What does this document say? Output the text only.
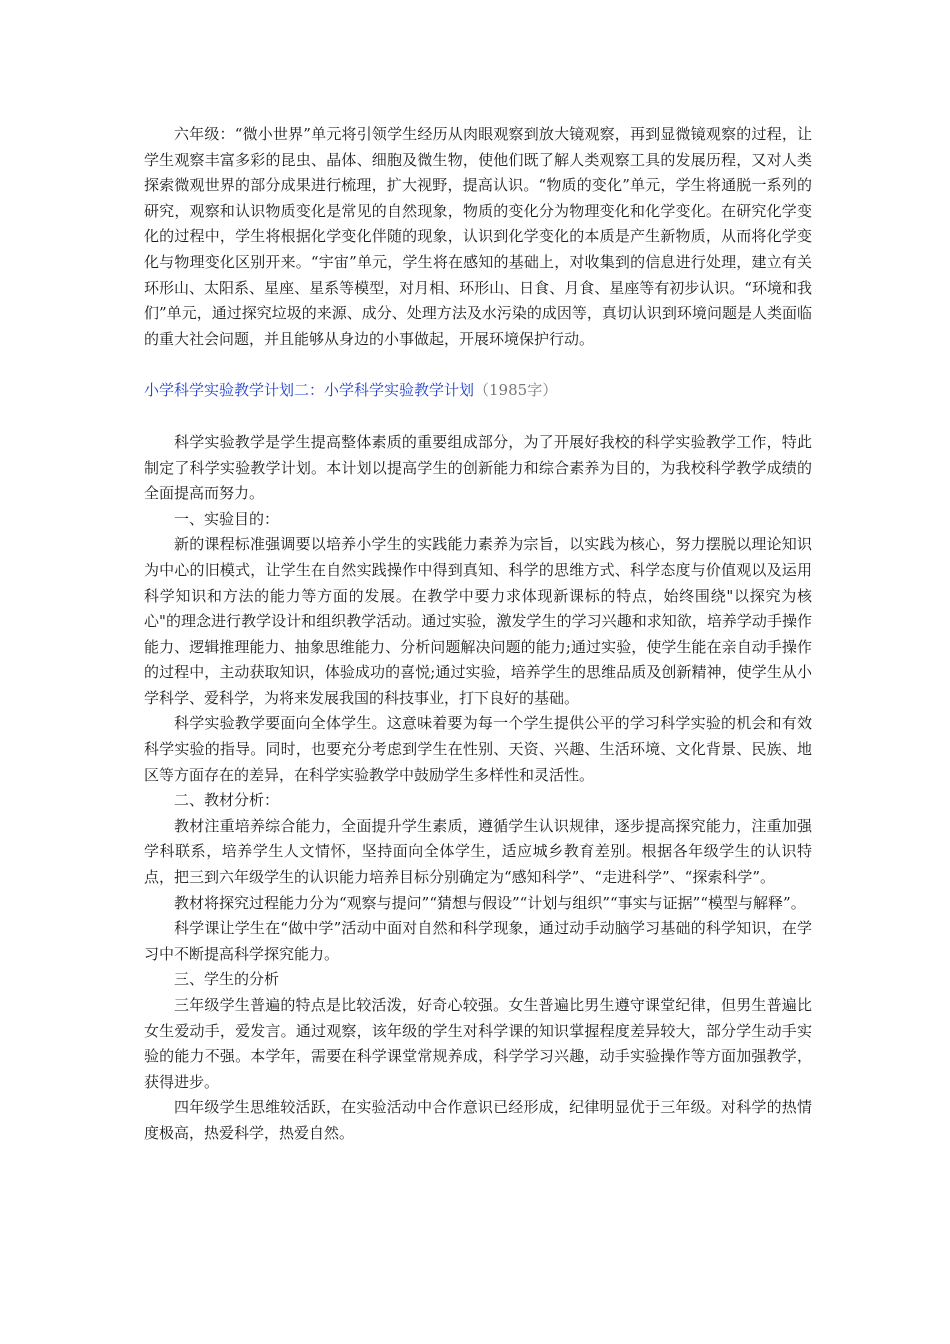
六年级：“微小世界”单元将引领学生经历从肉眼观察到放大镜观察，再到显微镜观察的过程，让学生观察丰富多彩的昆虫、晶体、细胞及微生物，使他们既了解人类观察工具的发展历程，又对人类探索微观世界的部分成果进行梳理，扩大视野，提高认识。“物质的变化”单元，学生将通脱一系列的研究，观察和认识物质变化是常见的自然现象，物质的变化分为物理变化和化学变化。在研究化学变化的过程中，学生将根据化学变化伴随的现象，认识到化学变化的本质是产生新物质，从而将化学变化与物理变化区别开来。“宇宙”单元，学生将在感知的基础上，对收集到的信息进行处理，建立有关环形山、太阳系、星座、星系等模型，对月相、环形山、日食、月食、星座等有初步认识。“环境和我们”单元，通过探究垃圾的来源、成分、处理方法及水污染的成因等，真切认识到环境问题是人类面临的重大社会问题，并且能够从身边的小事做起，开展环境保护行动。

小学科学实验教学计划二：小学科学实验教学计划（1985字）

科学实验教学是学生提高整体素质的重要组成部分，为了开展好我校的科学实验教学工作，特此制定了科学实验教学计划。本计划以提高学生的创新能力和综合素养为目的，为我校科学教学成绩的全面提高而努力。

一、实验目的：

新的课程标准强调要以培养小学生的实践能力素养为宗旨，以实践为核心，努力摆脱以理论知识为中心的旧模式，让学生在自然实践操作中得到真知、科学的思维方式、科学态度与价值观以及运用科学知识和方法的能力等方面的发展。在教学中要力求体现新课标的特点，始终围绕"以探究为核心"的理念进行教学设计和组织教学活动。通过实验，激发学生的学习兴趣和求知欲，培养学动手操作能力、逻辑推理能力、抽象思维能力、分析问题解决问题的能力;通过实验，使学生能在亲自动手操作的过程中，主动获取知识，体验成功的喜悦;通过实验，培养学生的思维品质及创新精神，使学生从小学科学、爱科学，为将来发展我国的科技事业，打下良好的基础。

科学实验教学要面向全体学生。这意味着要为每一个学生提供公平的学习科学实验的机会和有效科学实验的指导。同时，也要充分考虑到学生在性别、天资、兴趣、生活环境、文化背景、民族、地区等方面存在的差异，在科学实验教学中鼓励学生多样性和灵活性。

二、教材分析：

教材注重培养综合能力，全面提升学生素质，遵循学生认识规律，逐步提高探究能力，注重加强学科联系，培养学生人文情怀，坚持面向全体学生，适应城乡教育差别。根据各年级学生的认识特点，把三到六年级学生的认识能力培养目标分别确定为“感知科学”、“走进科学”、“探索科学”。

教材将探究过程能力分为“观察与提问”“猜想与假设”“计划与组织”“事实与证据”“模型与解释”。

科学课让学生在“做中学”活动中面对自然和科学现象，通过动手动脑学习基础的科学知识，在学习中不断提高科学探究能力。

三、学生的分析

三年级学生普遍的特点是比较活泼，好奇心较强。女生普遍比男生遵守课堂纪律，但男生普遍比女生爱动手，爱发言。通过观察，该年级的学生对科学课的知识掌握程度差异较大，部分学生动手实验的能力不强。本学年，需要在科学课堂常规养成，科学学习兴趣，动手实验操作等方面加强教学，获得进步。

四年级学生思维较活跃，在实验活动中合作意识已经形成，纪律明显优于三年级。对科学的热情度极高，热爱科学，热爱自然。
